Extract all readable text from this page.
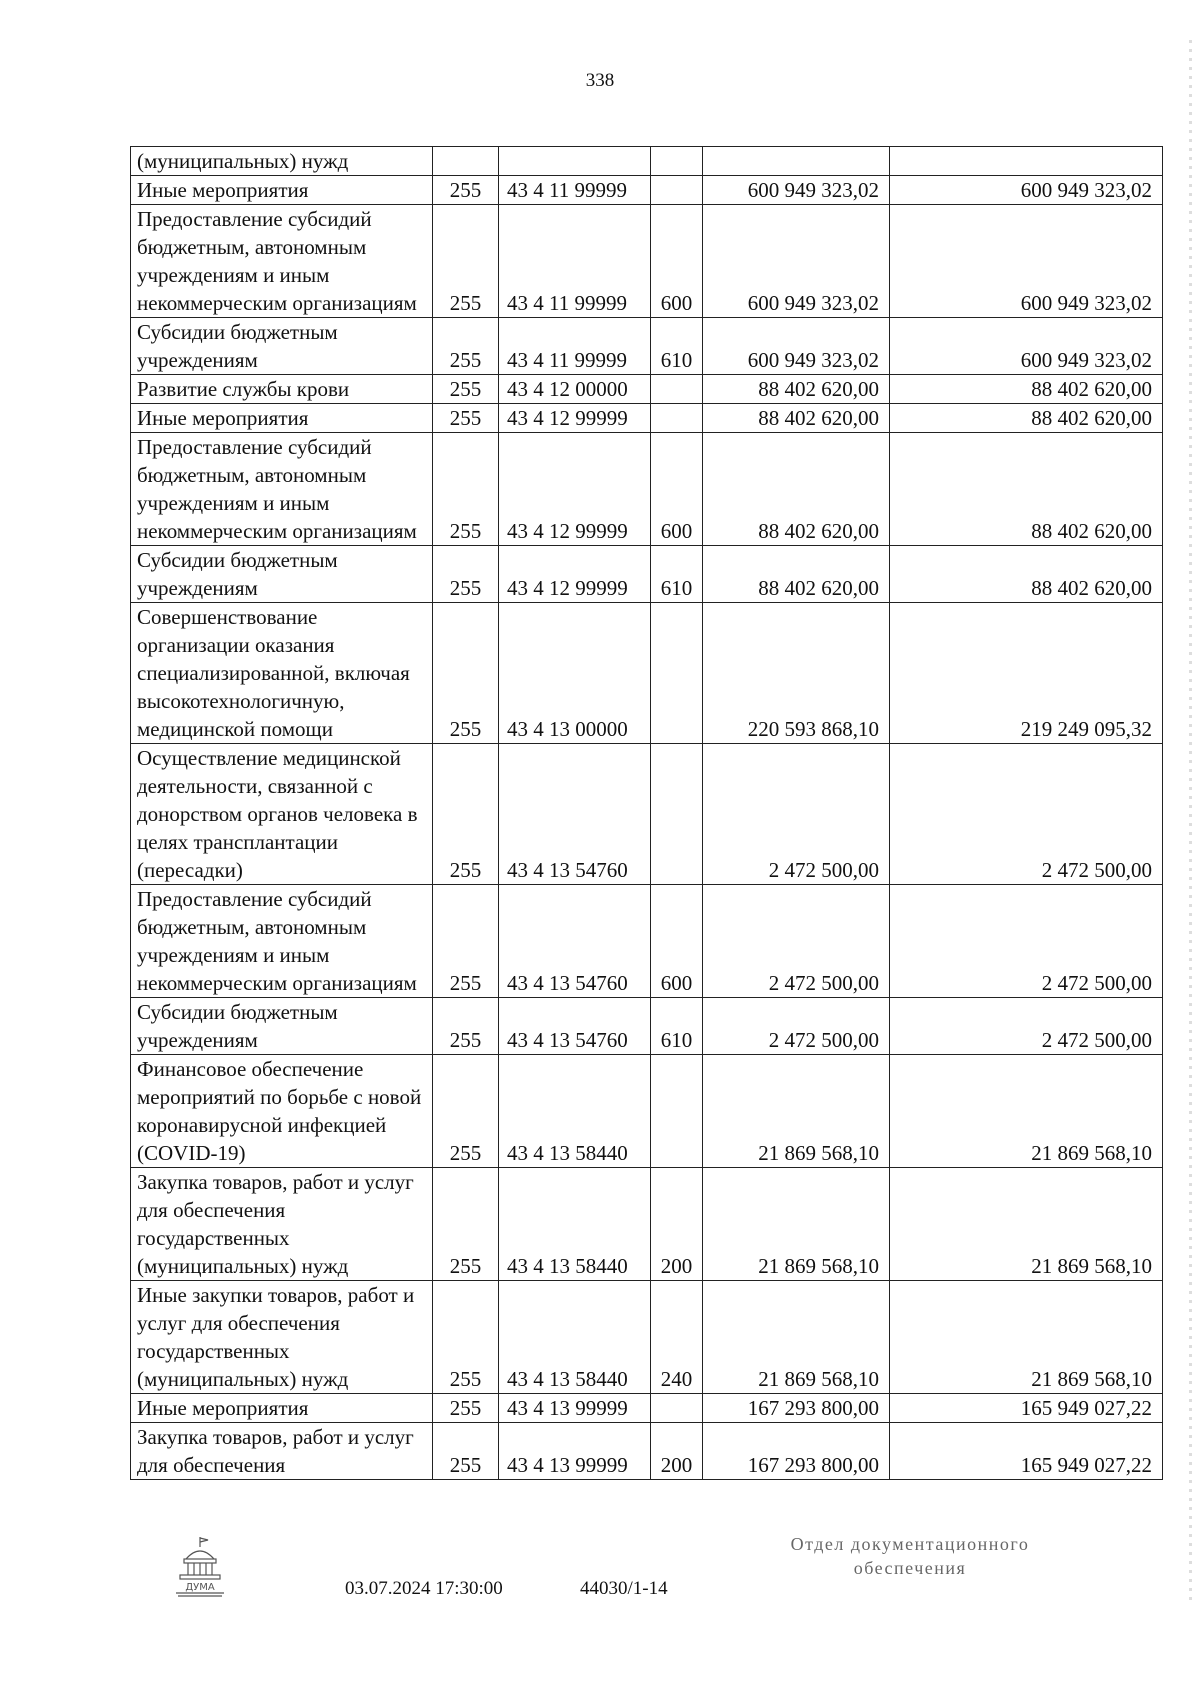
338
(муниципальных) нужд					
Иные мероприятия	255	43 4 11 99999		600 949 323,02	600 949 323,02
Предоставление субсидий бюджетным, автономным учреждениям и иным некоммерческим организациям	255	43 4 11 99999	600	600 949 323,02	600 949 323,02
Субсидии бюджетным учреждениям	255	43 4 11 99999	610	600 949 323,02	600 949 323,02
Развитие службы крови	255	43 4 12 00000		88 402 620,00	88 402 620,00
Иные мероприятия	255	43 4 12 99999		88 402 620,00	88 402 620,00
Предоставление субсидий бюджетным, автономным учреждениям и иным некоммерческим организациям	255	43 4 12 99999	600	88 402 620,00	88 402 620,00
Субсидии бюджетным учреждениям	255	43 4 12 99999	610	88 402 620,00	88 402 620,00
Совершенствование организации оказания специализированной, включая высокотехнологичную, медицинской помощи	255	43 4 13 00000		220 593 868,10	219 249 095,32
Осуществление медицинской деятельности, связанной с донорством органов человека в целях трансплантации (пересадки)	255	43 4 13 54760		2 472 500,00	2 472 500,00
Предоставление субсидий бюджетным, автономным учреждениям и иным некоммерческим организациям	255	43 4 13 54760	600	2 472 500,00	2 472 500,00
Субсидии бюджетным учреждениям	255	43 4 13 54760	610	2 472 500,00	2 472 500,00
Финансовое обеспечение мероприятий по борьбе с новой коронавирусной инфекцией (COVID-19)	255	43 4 13 58440		21 869 568,10	21 869 568,10
Закупка товаров, работ и услуг для обеспечения государственных (муниципальных) нужд	255	43 4 13 58440	200	21 869 568,10	21 869 568,10
Иные закупки товаров, работ и услуг для обеспечения государственных (муниципальных) нужд	255	43 4 13 58440	240	21 869 568,10	21 869 568,10
Иные мероприятия	255	43 4 13 99999		167 293 800,00	165 949 027,22
Закупка товаров, работ и услуг для обеспечения	255	43 4 13 99999	200	167 293 800,00	165 949 027,22
ДУМА	03.07.2024 17:30:00	44030/1-14
Отдел документационного
обеспечения
